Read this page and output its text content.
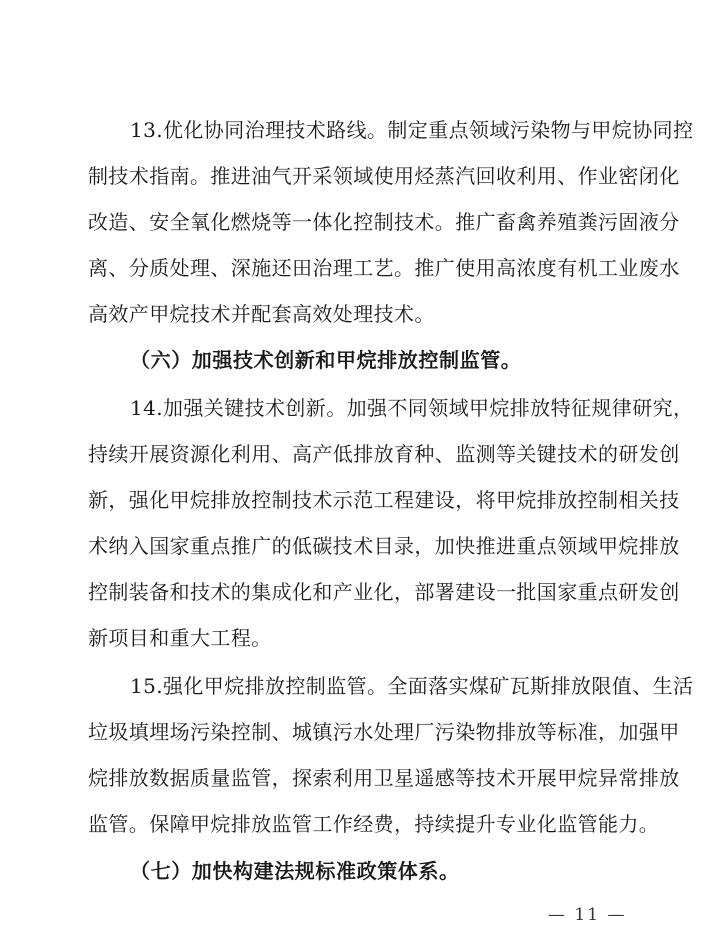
13.优化协同治理技术路线。制定重点领域污染物与甲烷协同控
制技术指南。推进油气开采领域使用烃蒸汽回收利用、作业密闭化
改造、安全氧化燃烧等一体化控制技术。推广畜禽养殖粪污固液分
离、分质处理、深施还田治理工艺。推广使用高浓度有机工业废水
高效产甲烷技术并配套高效处理技术。
（六）加强技术创新和甲烷排放控制监管。
14.加强关键技术创新。加强不同领域甲烷排放特征规律研究，
持续开展资源化利用、高产低排放育种、监测等关键技术的研发创
新，强化甲烷排放控制技术示范工程建设，将甲烷排放控制相关技
术纳入国家重点推广的低碳技术目录，加快推进重点领域甲烷排放
控制装备和技术的集成化和产业化，部署建设一批国家重点研发创
新项目和重大工程。
15.强化甲烷排放控制监管。全面落实煤矿瓦斯排放限值、生活
垃圾填埋场污染控制、城镇污水处理厂污染物排放等标准，加强甲
烷排放数据质量监管，探索利用卫星遥感等技术开展甲烷异常排放
监管。保障甲烷排放监管工作经费，持续提升专业化监管能力。
（七）加快构建法规标准政策体系。
— 11 —
